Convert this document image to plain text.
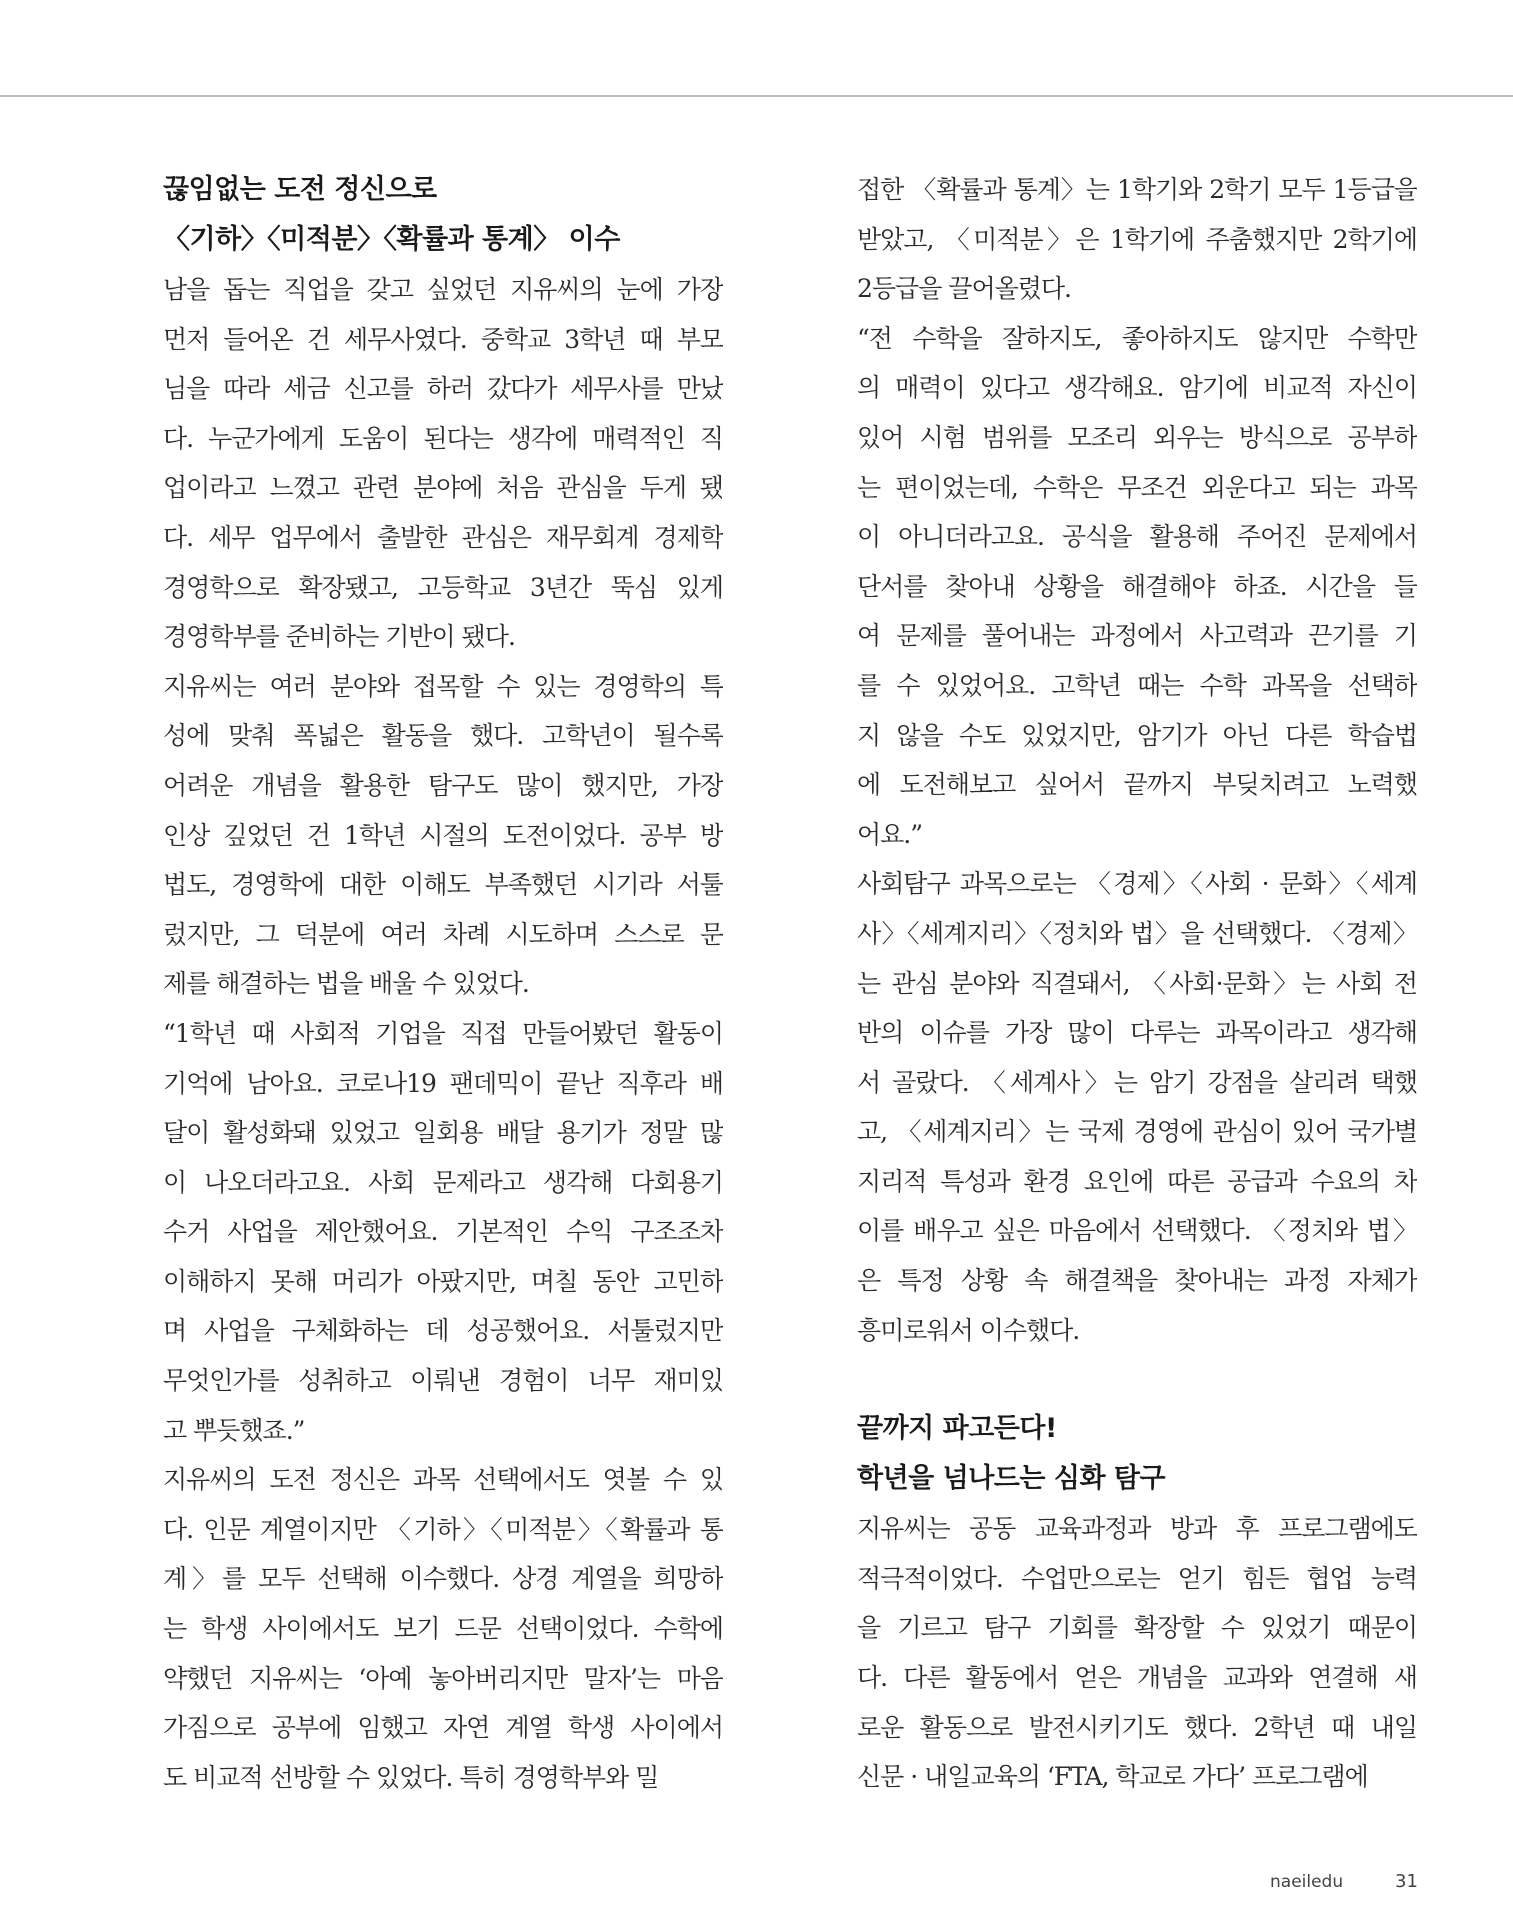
끊임없는 도전 정신으로
〈기하〉〈미적분〉〈확률과 통계〉 이수
남을 돕는 직업을 갖고 싶었던 지유씨의 눈에 가장
먼저 들어온 건 세무사였다. 중학교 3학년 때 부모
님을 따라 세금 신고를 하러 갔다가 세무사를 만났
다. 누군가에게 도움이 된다는 생각에 매력적인 직
업이라고 느꼈고 관련 분야에 처음 관심을 두게 됐
다. 세무 업무에서 출발한 관심은 재무회계 경제학
경영학으로 확장됐고, 고등학교 3년간 뚝심 있게
경영학부를 준비하는 기반이 됐다.
지유씨는 여러 분야와 접목할 수 있는 경영학의 특
성에 맞춰 폭넓은 활동을 했다. 고학년이 될수록
어려운 개념을 활용한 탐구도 많이 했지만, 가장
인상 깊었던 건 1학년 시절의 도전이었다. 공부 방
법도, 경영학에 대한 이해도 부족했던 시기라 서툴
렀지만, 그 덕분에 여러 차례 시도하며 스스로 문
제를 해결하는 법을 배울 수 있었다.
“1학년 때 사회적 기업을 직접 만들어봤던 활동이
기억에 남아요. 코로나19 팬데믹이 끝난 직후라 배
달이 활성화돼 있었고 일회용 배달 용기가 정말 많
이 나오더라고요. 사회 문제라고 생각해 다회용기
수거 사업을 제안했어요. 기본적인 수익 구조조차
이해하지 못해 머리가 아팠지만, 며칠 동안 고민하
며 사업을 구체화하는 데 성공했어요. 서툴렀지만
무엇인가를 성취하고 이뤄낸 경험이 너무 재미있
고 뿌듯했죠.”
지유씨의 도전 정신은 과목 선택에서도 엿볼 수 있
다. 인문 계열이지만 〈기하〉〈미적분〉〈확률과 통
계〉를 모두 선택해 이수했다. 상경 계열을 희망하
는 학생 사이에서도 보기 드문 선택이었다. 수학에
약했던 지유씨는 ‘아예 놓아버리지만 말자’는 마음
가짐으로 공부에 임했고 자연 계열 학생 사이에서
도 비교적 선방할 수 있었다. 특히 경영학부와 밀
접한 〈확률과 통계〉는 1학기와 2학기 모두 1등급을
받았고, 〈미적분〉은 1학기에 주춤했지만 2학기에
2등급을 끌어올렸다.
“전 수학을 잘하지도, 좋아하지도 않지만 수학만
의 매력이 있다고 생각해요. 암기에 비교적 자신이
있어 시험 범위를 모조리 외우는 방식으로 공부하
는 편이었는데, 수학은 무조건 외운다고 되는 과목
이 아니더라고요. 공식을 활용해 주어진 문제에서
단서를 찾아내 상황을 해결해야 하죠. 시간을 들
여 문제를 풀어내는 과정에서 사고력과 끈기를 기
를 수 있었어요. 고학년 때는 수학 과목을 선택하
지 않을 수도 있었지만, 암기가 아닌 다른 학습법
에 도전해보고 싶어서 끝까지 부딪치려고 노력했
어요.”
사회탐구 과목으로는 〈경제〉〈사회 · 문화〉〈세계
사〉〈세계지리〉〈정치와 법〉을 선택했다. 〈경제〉
는 관심 분야와 직결돼서, 〈사회·문화〉는 사회 전
반의 이슈를 가장 많이 다루는 과목이라고 생각해
서 골랐다. 〈세계사〉는 암기 강점을 살리려 택했
고, 〈세계지리〉는 국제 경영에 관심이 있어 국가별
지리적 특성과 환경 요인에 따른 공급과 수요의 차
이를 배우고 싶은 마음에서 선택했다. 〈정치와 법〉
은 특정 상황 속 해결책을 찾아내는 과정 자체가
흥미로워서 이수했다.
끝까지 파고든다!
학년을 넘나드는 심화 탐구
지유씨는 공동 교육과정과 방과 후 프로그램에도
적극적이었다. 수업만으로는 얻기 힘든 협업 능력
을 기르고 탐구 기회를 확장할 수 있었기 때문이
다. 다른 활동에서 얻은 개념을 교과와 연결해 새
로운 활동으로 발전시키기도 했다. 2학년 때 내일
신문 · 내일교육의 ‘FTA, 학교로 가다’ 프로그램에
naeiledu	31
